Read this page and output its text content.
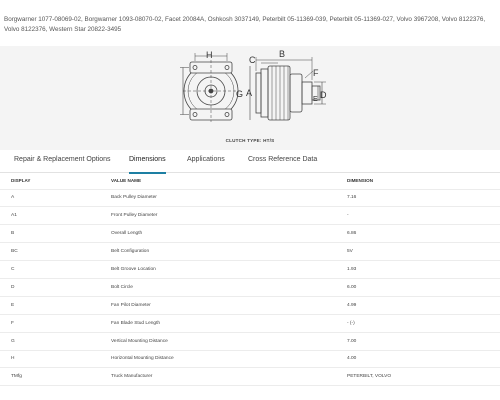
Borgwarner 1077-08069-02, Borgwarner 1093-08070-02, Facet 20084A, Oshkosh 3037149, Peterbilt 05-11369-039, Peterbilt 05-11369-027, Volvo 3967208, Volvo 8122376, Volvo 8122376, Western Star 20822-3495
H
G
C
B
A
F
D
E
CLUTCH TYPE: HT/S
Repair & Replacement Options	Dimensions	Applications	Cross Reference Data
DISPLAY	VALUE NAME	DIMENSION
A	Back Pulley Diameter	7.16
A1	Front Pulley Diameter	-
B	Overall Length	6.86
BC	Belt Configuration	5V
C	Belt Groove Location	1.93
D	Bolt Circle	6.00
E	Fan Pilot Diameter	4.99
F	Fan Blade Stud Length	- (-)
G	Vertical Mounting Distance	7.00
H	Horizontal Mounting Distance	4.00
TMfg	Truck Manufacturer	PETERBILT, VOLVO
